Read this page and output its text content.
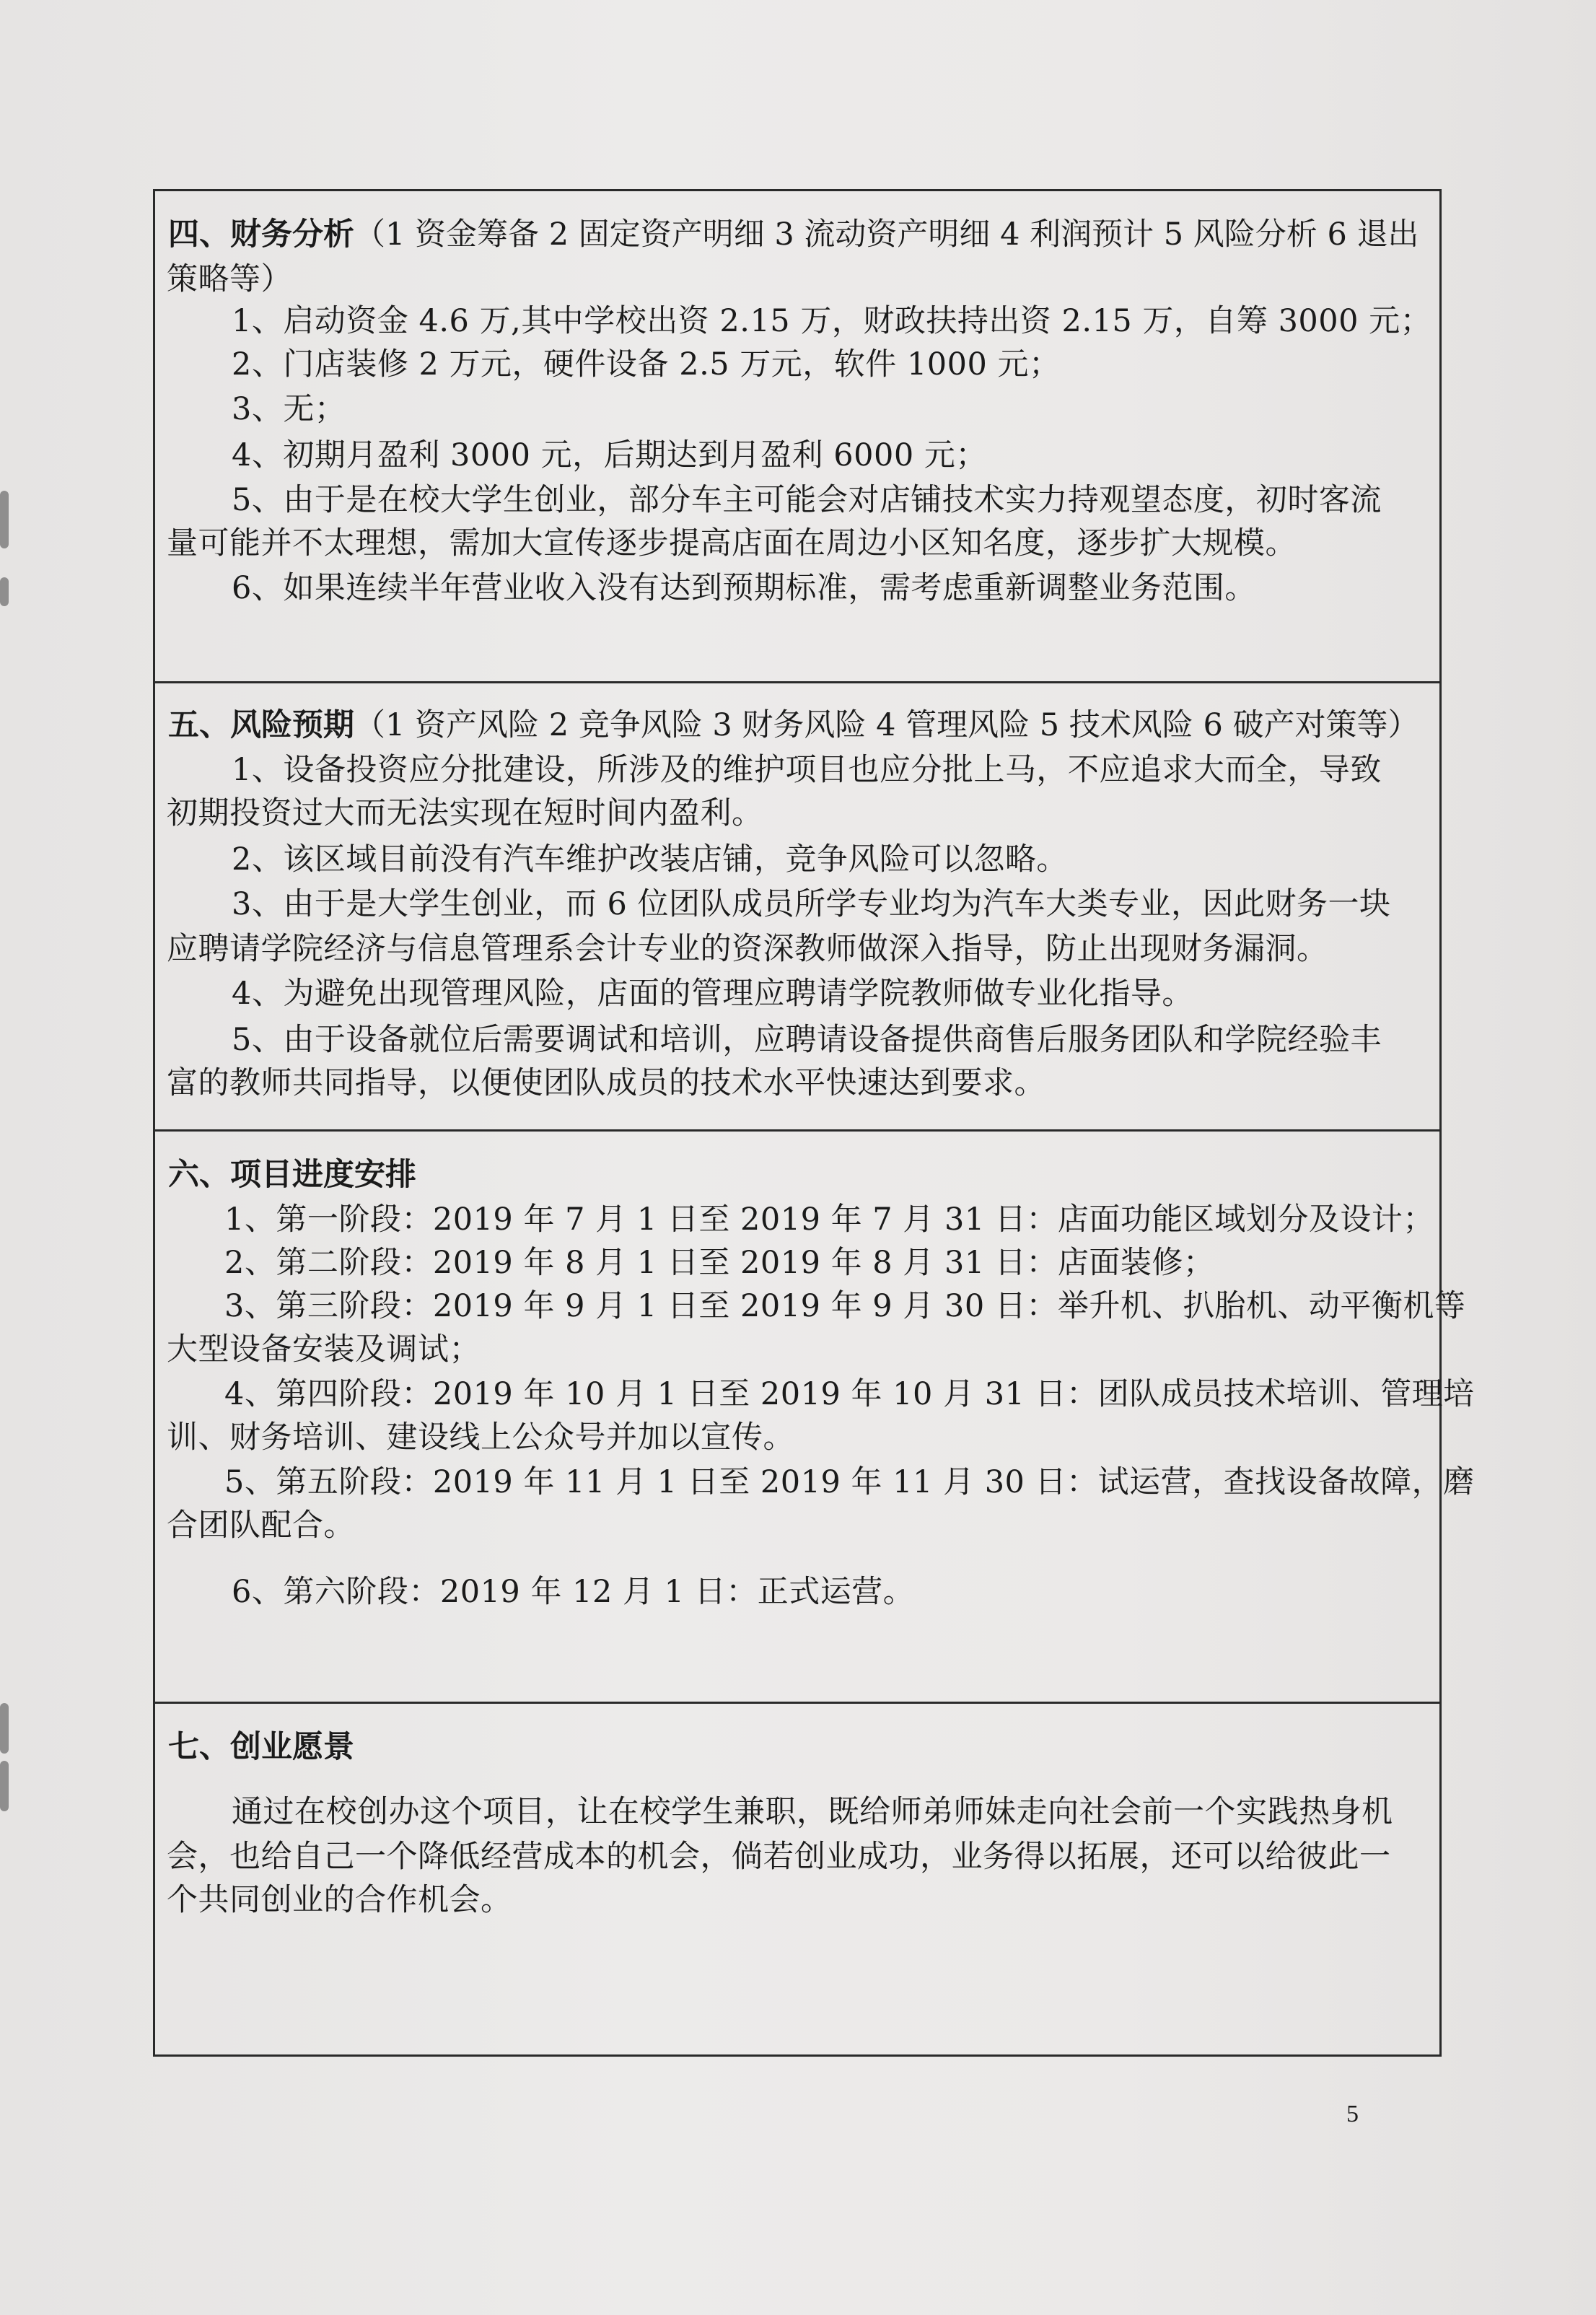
四、财务分析（1 资金筹备 2 固定资产明细 3 流动资产明细 4 利润预计 5 风险分析 6 退出
策略等）
1、启动资金 4.6 万,其中学校出资 2.15 万，财政扶持出资 2.15 万，自筹 3000 元；
2、门店装修 2 万元，硬件设备 2.5 万元，软件 1000 元；
3、无；
4、初期月盈利 3000 元，后期达到月盈利 6000 元；
5、由于是在校大学生创业，部分车主可能会对店铺技术实力持观望态度，初时客流
量可能并不太理想，需加大宣传逐步提高店面在周边小区知名度，逐步扩大规模。
6、如果连续半年营业收入没有达到预期标准，需考虑重新调整业务范围。
五、风险预期（1 资产风险 2 竞争风险 3 财务风险 4 管理风险 5 技术风险 6 破产对策等）
1、设备投资应分批建设，所涉及的维护项目也应分批上马，不应追求大而全，导致
初期投资过大而无法实现在短时间内盈利。
2、该区域目前没有汽车维护改装店铺，竞争风险可以忽略。
3、由于是大学生创业，而 6 位团队成员所学专业均为汽车大类专业，因此财务一块
应聘请学院经济与信息管理系会计专业的资深教师做深入指导，防止出现财务漏洞。
4、为避免出现管理风险，店面的管理应聘请学院教师做专业化指导。
5、由于设备就位后需要调试和培训，应聘请设备提供商售后服务团队和学院经验丰
富的教师共同指导，以便使团队成员的技术水平快速达到要求。
六、项目进度安排
1、第一阶段：2019 年 7 月 1 日至 2019 年 7 月 31 日：店面功能区域划分及设计；
2、第二阶段：2019 年 8 月 1 日至 2019 年 8 月 31 日：店面装修；
3、第三阶段：2019 年 9 月 1 日至 2019 年 9 月 30 日：举升机、扒胎机、动平衡机等
大型设备安装及调试；
4、第四阶段：2019 年 10 月 1 日至 2019 年 10 月 31 日：团队成员技术培训、管理培
训、财务培训、建设线上公众号并加以宣传。
5、第五阶段：2019 年 11 月 1 日至 2019 年 11 月 30 日：试运营，查找设备故障，磨
合团队配合。
6、第六阶段：2019 年 12 月 1 日：正式运营。
七、创业愿景
通过在校创办这个项目，让在校学生兼职，既给师弟师妹走向社会前一个实践热身机
会，也给自己一个降低经营成本的机会，倘若创业成功，业务得以拓展，还可以给彼此一
个共同创业的合作机会。
5
